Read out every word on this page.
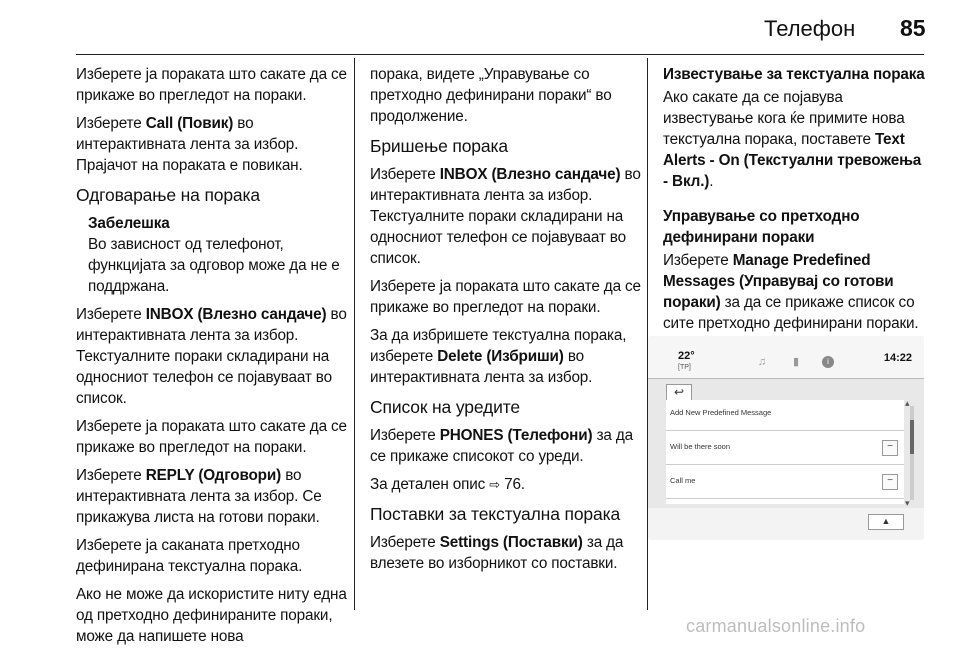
Телефон 85

Изберете ја пораката што сакате да се прикаже во прегледот на пораки.

Изберете Call (Повик) во интерактивната лента за избор. Прајачот на пораката е повикан.

Одговарање на порака
Забелешка
Во зависност од телефонот, функцијата за одговор може да не е поддржана.

Изберете INBOX (Влезно сандаче) во интерактивната лента за избор. Текстуалните пораки складирани на односниот телефон се појавуваат во список.

Изберете ја пораката што сакате да се прикаже во прегледот на пораки.

Изберете REPLY (Одговори) во интерактивната лента за избор. Се прикажува листа на готови пораки.

Изберете ја саканата претходно дефинирана текстуална порака.

Ако не може да искористите ниту една од претходно дефинираните пораки, може да напишете нова

порака, видете „Управување со претходно дефинирани пораки“ во продолжение.

Бришење порака

Изберете INBOX (Влезно сандаче) во интерактивната лента за избор. Текстуалните пораки складирани на односниот телефон се појавуваат во список.

Изберете ја пораката што сакате да се прикаже во прегледот на пораки.

За да избришете текстуална порака, изберете Delete (Избриши) во интерактивната лента за избор.

Список на уредите

Изберете PHONES (Телефони) за да се прикаже списокот со уреди.

За детален опис ⇨ 76.

Поставки за текстуална порака

Изберете Settings (Поставки) за да влезете во изборникот со поставки.

Известување за текстуална порака

Ако сакате да се појавува известување кога ќе примите нова текстуална порака, поставете Text Alerts - On (Текстуални тревожења - Вкл.).

Управување со претходно дефинирани пораки

Изберете Manage Predefined Messages (Управувај со готови пораки) за да се прикаже список со сите претходно дефинирани пораки.

22°
[TP]	♫ ▮	i	14:22
↩
Add New Predefined Message
Will be there soon	−
Call me	−
▴
▾
▲
carmanualsonline.info
